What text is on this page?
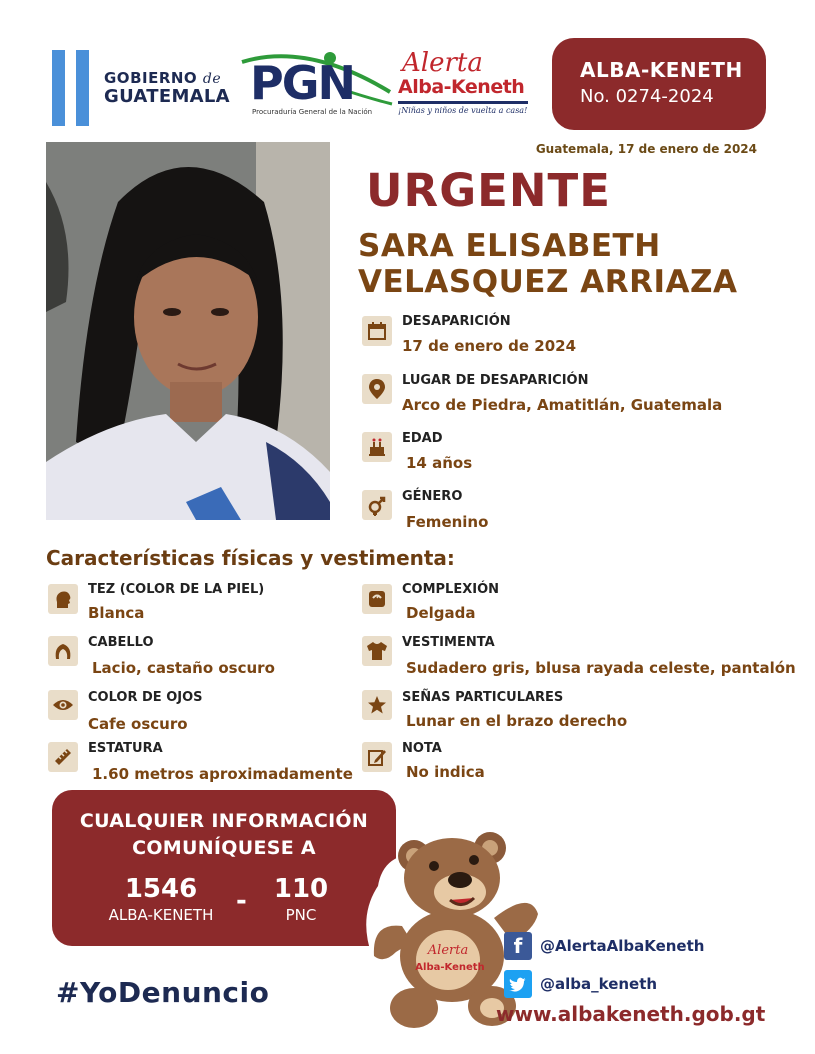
GOBIERNO de
GUATEMALA PGN
Procuraduría General de la Nación
Alerta
Alba-Keneth
¡Niñas y niños de vuelta a casa!
ALBA-KENETH
No. 0274-2024
Guatemala, 17 de enero de 2024
URGENTE
SARA ELISABETH
VELASQUEZ ARRIAZA
DESAPARICIÓN
17 de enero de 2024
LUGAR DE DESAPARICIÓN
Arco de Piedra, Amatitlán, Guatemala
EDAD
14 años
GÉNERO
Femenino
Características físicas y vestimenta:
TEZ (COLOR DE LA PIEL)
Blanca
CABELLO
Lacio, castaño oscuro
COLOR DE OJOS
Cafe oscuro
ESTATURA
1.60 metros aproximadamente
COMPLEXIÓN
Delgada
VESTIMENTA
Sudadero gris, blusa rayada celeste, pantalón
SEÑAS PARTICULARES
Lunar en el brazo derecho
NOTA
No indica
CUALQUIER INFORMACIÓN
COMUNÍQUESE A
1546
ALBA-KENETH -	110
PNC
#YoDenuncio
Alerta
Alba-Keneth
f	@AlertaAlbaKeneth
@alba_keneth
www.albakeneth.gob.gt
